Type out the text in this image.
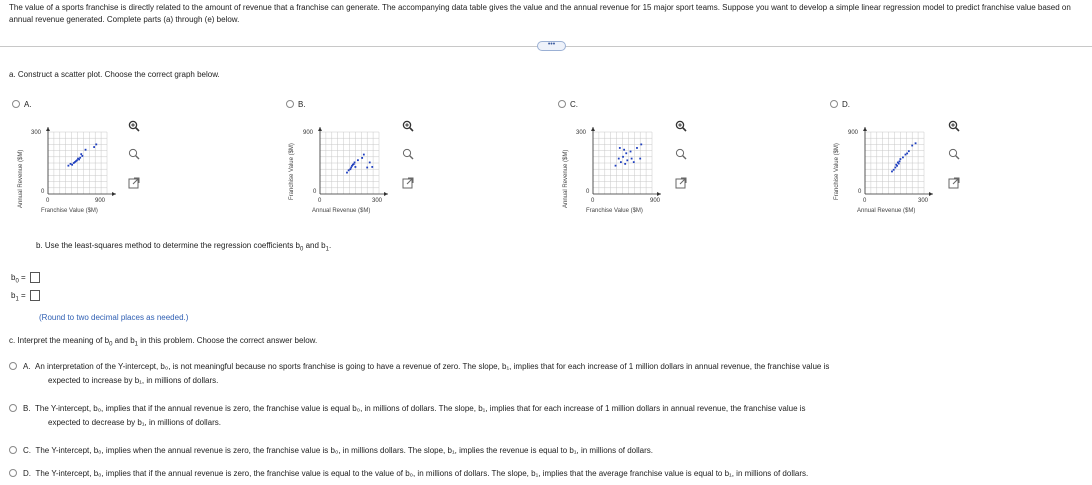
The value of a sports franchise is directly related to the amount of revenue that a franchise can generate. The accompanying data table gives the value and the annual revenue for 15 major sport teams. Suppose you want to develop a simple linear regression model to predict franchise value based on annual revenue generated. Complete parts (a) through (e) below.
•••
a. Construct a scatter plot. Choose the correct graph below.
A.
Annual Revenue ($M)
300
0
0	900
Franchise Value ($M)
B.
Franchise Value ($M)
900
0
0	300
Annual Revenue ($M)
C.
Annual Revenue ($M)
300
0
0	900
Franchise Value ($M)
D.
Franchise Value ($M)
900
0
0	300
Annual Revenue ($M)
b. Use the least-squares method to determine the regression coefficients $b_0$ and $b_1$.
$b_0$ =
$b_1$ =
(Round to two decimal places as needed.)
c. Interpret the meaning of $b_0$ and $b_1$ in this problem. Choose the correct answer below.
A. An interpretation of the Y-intercept, b₀, is not meaningful because no sports franchise is going to have a revenue of zero. The slope, b₁, implies that for each increase of 1 million dollars in annual revenue, the franchise value is
expected to increase by b₁, in millions of dollars.
B. The Y-intercept, b₀, implies that if the annual revenue is zero, the franchise value is equal b₀, in millions of dollars. The slope, b₁, implies that for each increase of 1 million dollars in annual revenue, the franchise value is
expected to decrease by b₁, in millions of dollars.
C. The Y-intercept, b₀, implies when the annual revenue is zero, the franchise value is b₀, in millions dollars. The slope, b₁, implies the revenue is equal to b₁, in millions of dollars.
D. The Y-intercept, b₀, implies that if the annual revenue is zero, the franchise value is equal to the value of b₀, in millions of dollars. The slope, b₁, implies that the average franchise value is equal to b₁, in millions of dollars.
